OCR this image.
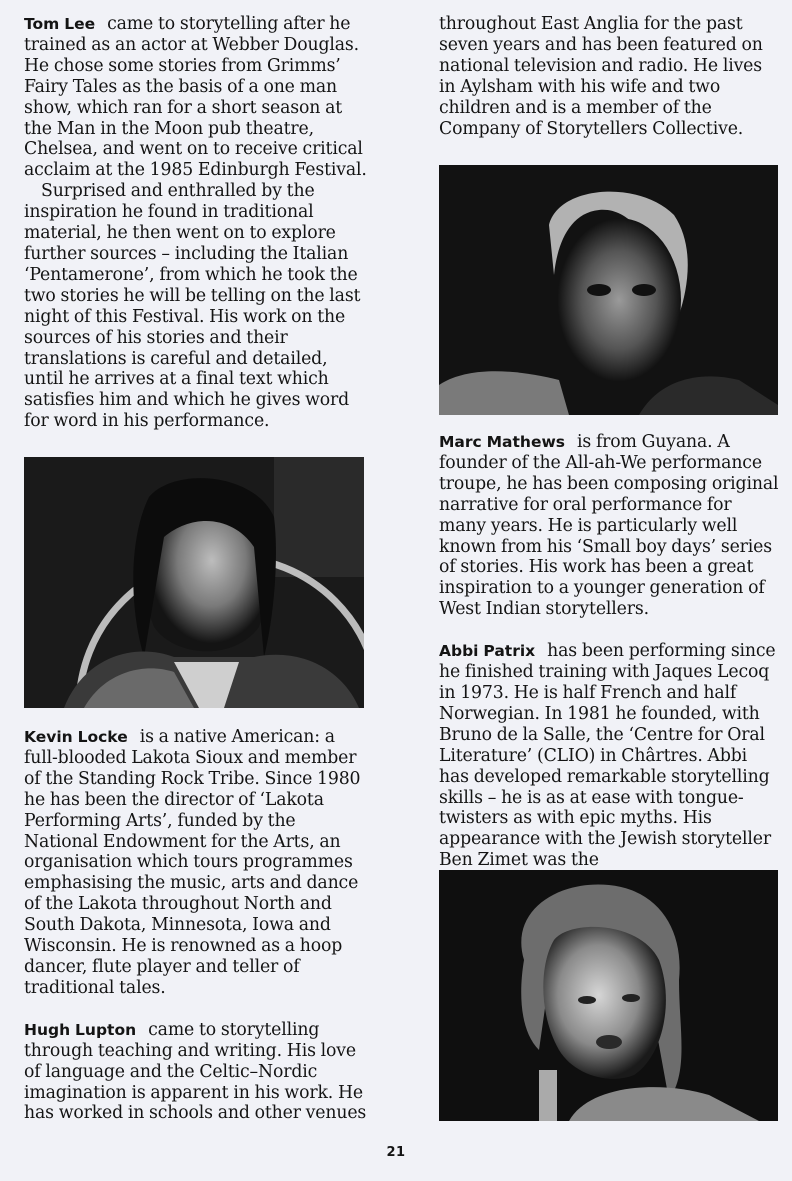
Tom Lee came to storytelling after he trained as an actor at Webber Douglas. He chose some stories from Grimms’ Fairy Tales as the basis of a one man show, which ran for a short season at the Man in the Moon pub theatre, Chelsea, and went on to receive critical acclaim at the 1985 Edinburgh Festival.

Surprised and enthralled by the inspiration he found in traditional material, he then went on to explore further sources – including the Italian ‘Pentamerone’, from which he took the two stories he will be telling on the last night of this Festival. His work on the sources of his stories and their translations is careful and detailed, until he arrives at a final text which satisfies him and which he gives word for word in his performance.

Kevin Locke is a native American: a full-blooded Lakota Sioux and member of the Standing Rock Tribe. Since 1980 he has been the director of ‘Lakota Performing Arts’, funded by the National Endowment for the Arts, an organisation which tours programmes emphasising the music, arts and dance of the Lakota throughout North and South Dakota, Minnesota, Iowa and Wisconsin. He is renowned as a hoop dancer, flute player and teller of traditional tales.

Hugh Lupton came to storytelling through teaching and writing. His love of language and the Celtic–Nordic imagination is apparent in his work. He has worked in schools and other venues

throughout East Anglia for the past seven years and has been featured on national television and radio. He lives in Aylsham with his wife and two children and is a member of the Company of Storytellers Collective.

Marc Mathews is from Guyana. A founder of the All-ah-We performance troupe, he has been composing original narrative for oral performance for many years. He is particularly well known from his ‘Small boy days’ series of stories. His work has been a great inspiration to a younger generation of West Indian storytellers.

Abbi Patrix has been performing since he finished training with Jaques Lecoq in 1973. He is half French and half Norwegian. In 1981 he founded, with Bruno de la Salle, the ‘Centre for Oral Literature’ (CLIO) in Chârtres. Abbi has developed remarkable storytelling skills – he is as at ease with tongue-twisters as with epic myths. His appearance with the Jewish storyteller Ben Zimet was the

21
